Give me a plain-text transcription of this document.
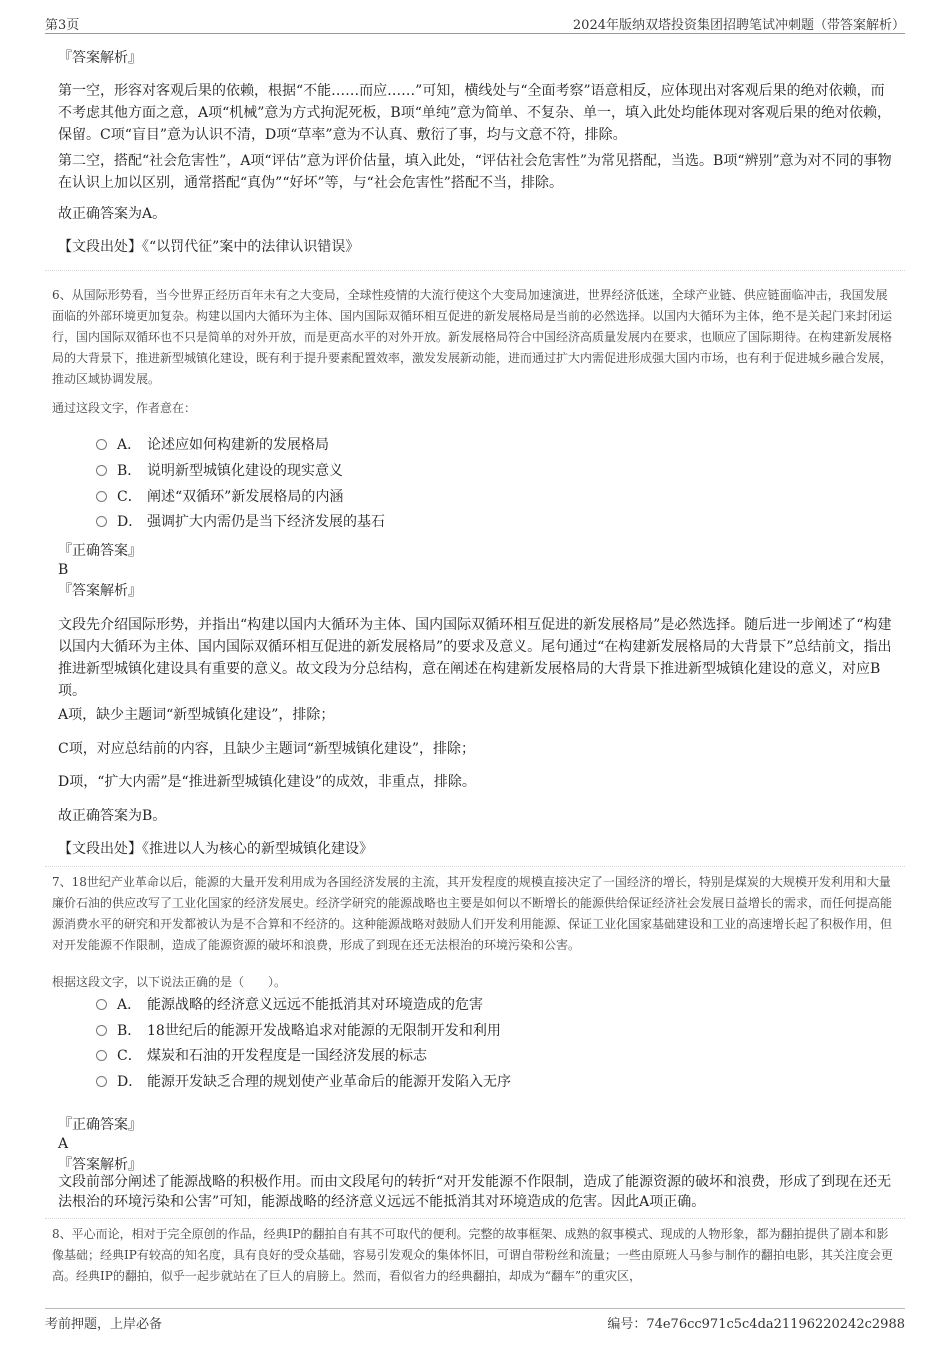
第3页	2024年版纳双塔投资集团招聘笔试冲刺题（带答案解析）
『答案解析』

第一空，形容对客观后果的依赖，根据“不能……而应……”可知，横线处与“全面考察”语意相反，应体现出对客观后果的绝对依赖，而不考虑其他方面之意，A项“机械”意为方式拘泥死板，B项“单纯”意为简单、不复杂、单一，填入此处均能体现对客观后果的绝对依赖，保留。C项“盲目”意为认识不清，D项“草率”意为不认真、敷衍了事，均与文意不符，排除。

第二空，搭配“社会危害性”，A项“评估”意为评价估量，填入此处，“评估社会危害性”为常见搭配，当选。B项“辨别”意为对不同的事物在认识上加以区别，通常搭配“真伪”“好坏”等，与“社会危害性”搭配不当，排除。

故正确答案为A。
【文段出处】《“以罚代征”案中的法律认识错误》

6、从国际形势看，当今世界正经历百年未有之大变局，全球性疫情的大流行使这个大变局加速演进，世界经济低迷，全球产业链、供应链面临冲击，我国发展面临的外部环境更加复杂。构建以国内大循环为主体、国内国际双循环相互促进的新发展格局是当前的必然选择。以国内大循环为主体，绝不是关起门来封闭运行，国内国际双循环也不只是简单的对外开放，而是更高水平的对外开放。新发展格局符合中国经济高质量发展内在要求，也顺应了国际期待。在构建新发展格局的大背景下，推进新型城镇化建设，既有利于提升要素配置效率，激发发展新动能，进而通过扩大内需促进形成强大国内市场，也有利于促进城乡融合发展，推动区域协调发展。

通过这段文字，作者意在：
A． 论述应如何构建新的发展格局
B． 说明新型城镇化建设的现实意义
C． 阐述“双循环”新发展格局的内涵
D． 强调扩大内需仍是当下经济发展的基石
『正确答案』
B
『答案解析』

文段先介绍国际形势，并指出“构建以国内大循环为主体、国内国际双循环相互促进的新发展格局”是必然选择。随后进一步阐述了“构建以国内大循环为主体、国内国际双循环相互促进的新发展格局”的要求及意义。尾句通过“在构建新发展格局的大背景下”总结前文，指出推进新型城镇化建设具有重要的意义。故文段为分总结构，意在阐述在构建新发展格局的大背景下推进新型城镇化建设的意义，对应B项。

A项，缺少主题词“新型城镇化建设”，排除；
C项，对应总结前的内容，且缺少主题词“新型城镇化建设”，排除；
D项，“扩大内需”是“推进新型城镇化建设”的成效，非重点，排除。
故正确答案为B。
【文段出处】《推进以人为核心的新型城镇化建设》

7、18世纪产业革命以后，能源的大量开发利用成为各国经济发展的主流，其开发程度的规模直接决定了一国经济的增长，特别是煤炭的大规模开发利用和大量廉价石油的供应改写了工业化国家的经济发展史。经济学研究的能源战略也主要是如何以不断增长的能源供给保证经济社会发展日益增长的需求，而任何提高能源消费水平的研究和开发都被认为是不合算和不经济的。这种能源战略对鼓励人们开发利用能源、保证工业化国家基础建设和工业的高速增长起了积极作用，但对开发能源不作限制，造成了能源资源的破坏和浪费，形成了到现在还无法根治的环境污染和公害。

根据这段文字，以下说法正确的是（　　）。
A． 能源战略的经济意义远远不能抵消其对环境造成的危害
B． 18世纪后的能源开发战略追求对能源的无限制开发和利用
C． 煤炭和石油的开发程度是一国经济发展的标志
D． 能源开发缺乏合理的规划使产业革命后的能源开发陷入无序
『正确答案』
A
『答案解析』

文段前部分阐述了能源战略的积极作用。而由文段尾句的转折“对开发能源不作限制，造成了能源资源的破坏和浪费，形成了到现在还无法根治的环境污染和公害”可知，能源战略的经济意义远远不能抵消其对环境造成的危害。因此A项正确。

8、平心而论，相对于完全原创的作品，经典IP的翻拍自有其不可取代的便利。完整的故事框架、成熟的叙事模式、现成的人物形象，都为翻拍提供了剧本和影像基础；经典IP有较高的知名度，具有良好的受众基础，容易引发观众的集体怀旧，可谓自带粉丝和流量；一些由原班人马参与制作的翻拍电影，其关注度会更高。经典IP的翻拍，似乎一起步就站在了巨人的肩膀上。然而，看似省力的经典翻拍，却成为“翻车”的重灾区，

考前押题，上岸必备	编号：74e76cc971c5c4da21196220242c2988
